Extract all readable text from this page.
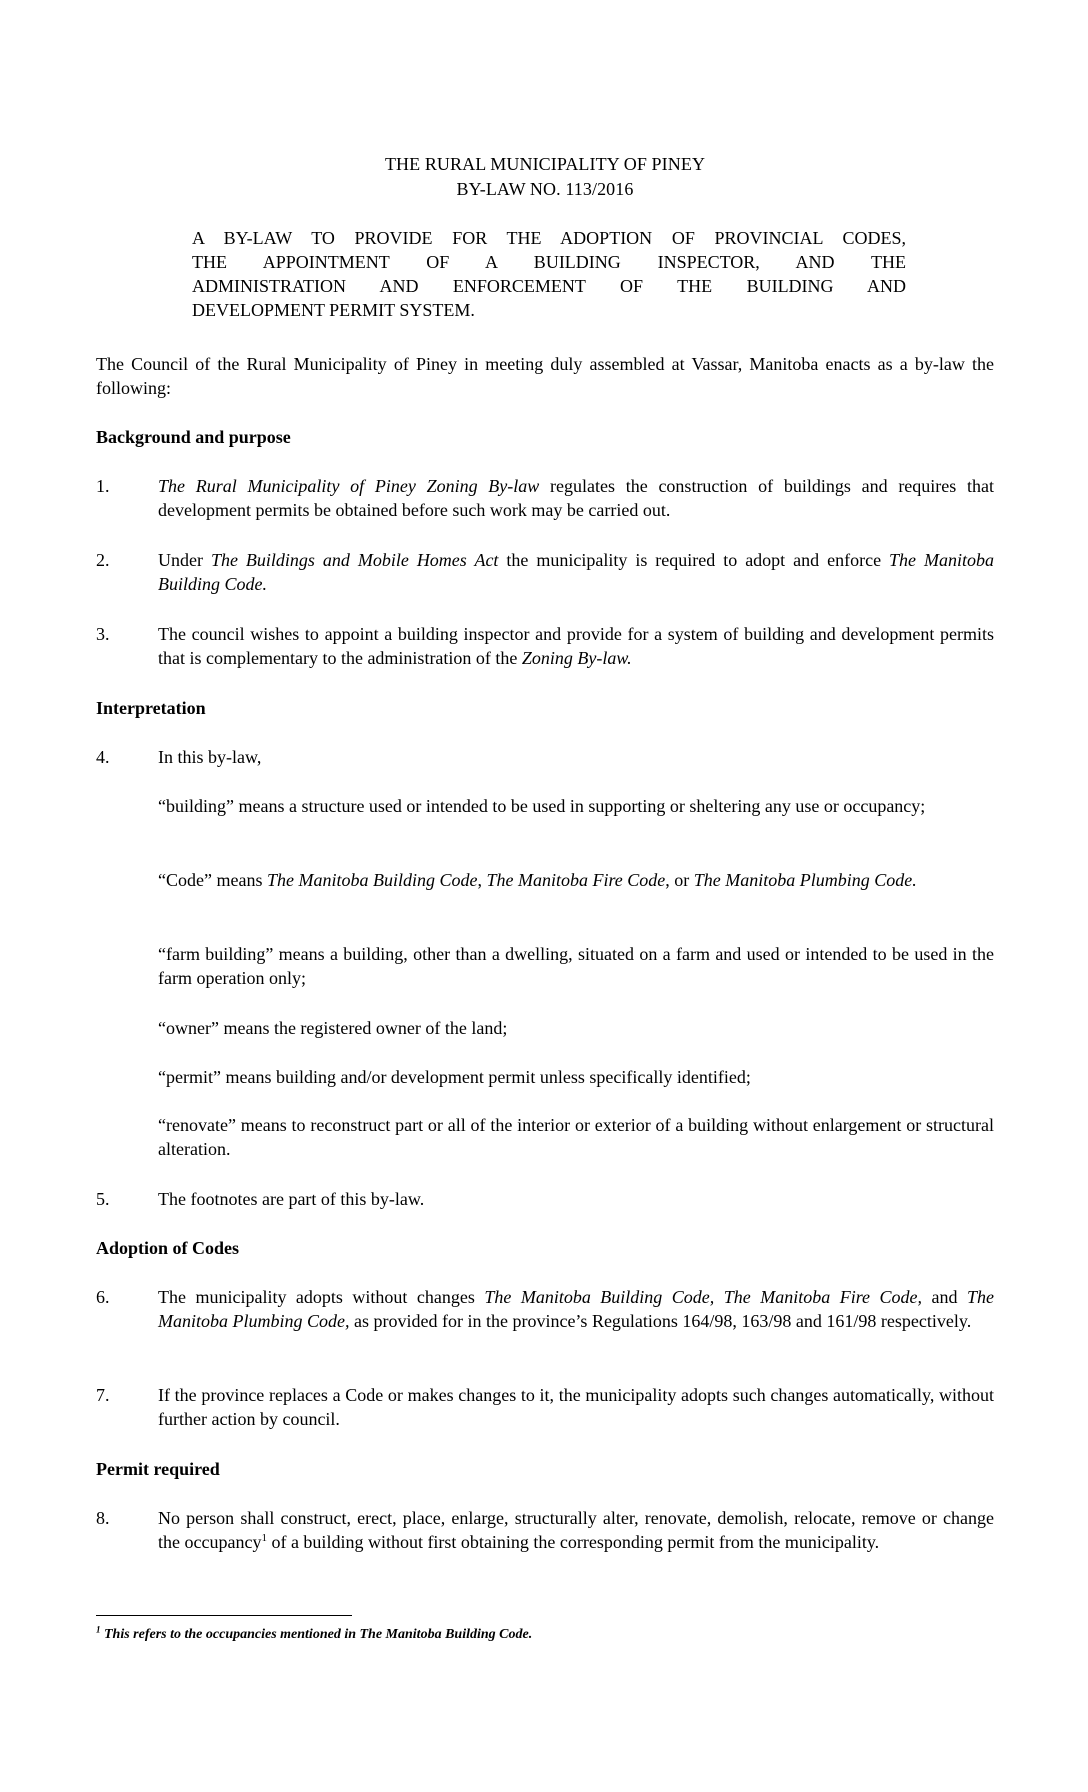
THE RURAL MUNICIPALITY OF PINEY
BY-LAW NO. 113/2016
A BY-LAW TO PROVIDE FOR THE ADOPTION OF PROVINCIAL CODES,
THE APPOINTMENT OF A BUILDING INSPECTOR, AND THE
ADMINISTRATION AND ENFORCEMENT OF THE BUILDING AND
DEVELOPMENT PERMIT SYSTEM.
The Council of the Rural Municipality of Piney in meeting duly assembled at Vassar, Manitoba enacts as a by-law the following:
Background and purpose
1.	The Rural Municipality of Piney Zoning By-law regulates the construction of buildings and requires that development permits be obtained before such work may be carried out.
2.	Under The Buildings and Mobile Homes Act the municipality is required to adopt and enforce The Manitoba Building Code.
3.	The council wishes to appoint a building inspector and provide for a system of building and development permits that is complementary to the administration of the Zoning By-law.
Interpretation
4.	In this by-law,
“building” means a structure used or intended to be used in supporting or sheltering any use or occupancy;
“Code” means The Manitoba Building Code, The Manitoba Fire Code, or The Manitoba Plumbing Code.
“farm building” means a building, other than a dwelling, situated on a farm and used or intended to be used in the farm operation only;
“owner” means the registered owner of the land;
“permit” means building and/or development permit unless specifically identified;
“renovate” means to reconstruct part or all of the interior or exterior of a building without enlargement or structural alteration.
5.	The footnotes are part of this by-law.
Adoption of Codes
6.	The municipality adopts without changes The Manitoba Building Code, The Manitoba Fire Code, and The Manitoba Plumbing Code, as provided for in the province’s Regulations 164/98, 163/98 and 161/98 respectively.
7.	If the province replaces a Code or makes changes to it, the municipality adopts such changes automatically, without further action by council.
Permit required
8.	No person shall construct, erect, place, enlarge, structurally alter, renovate, demolish, relocate, remove or change the occupancy$^1$ of a building without first obtaining the corresponding permit from the municipality.
$^1$ This refers to the occupancies mentioned in The Manitoba Building Code.
